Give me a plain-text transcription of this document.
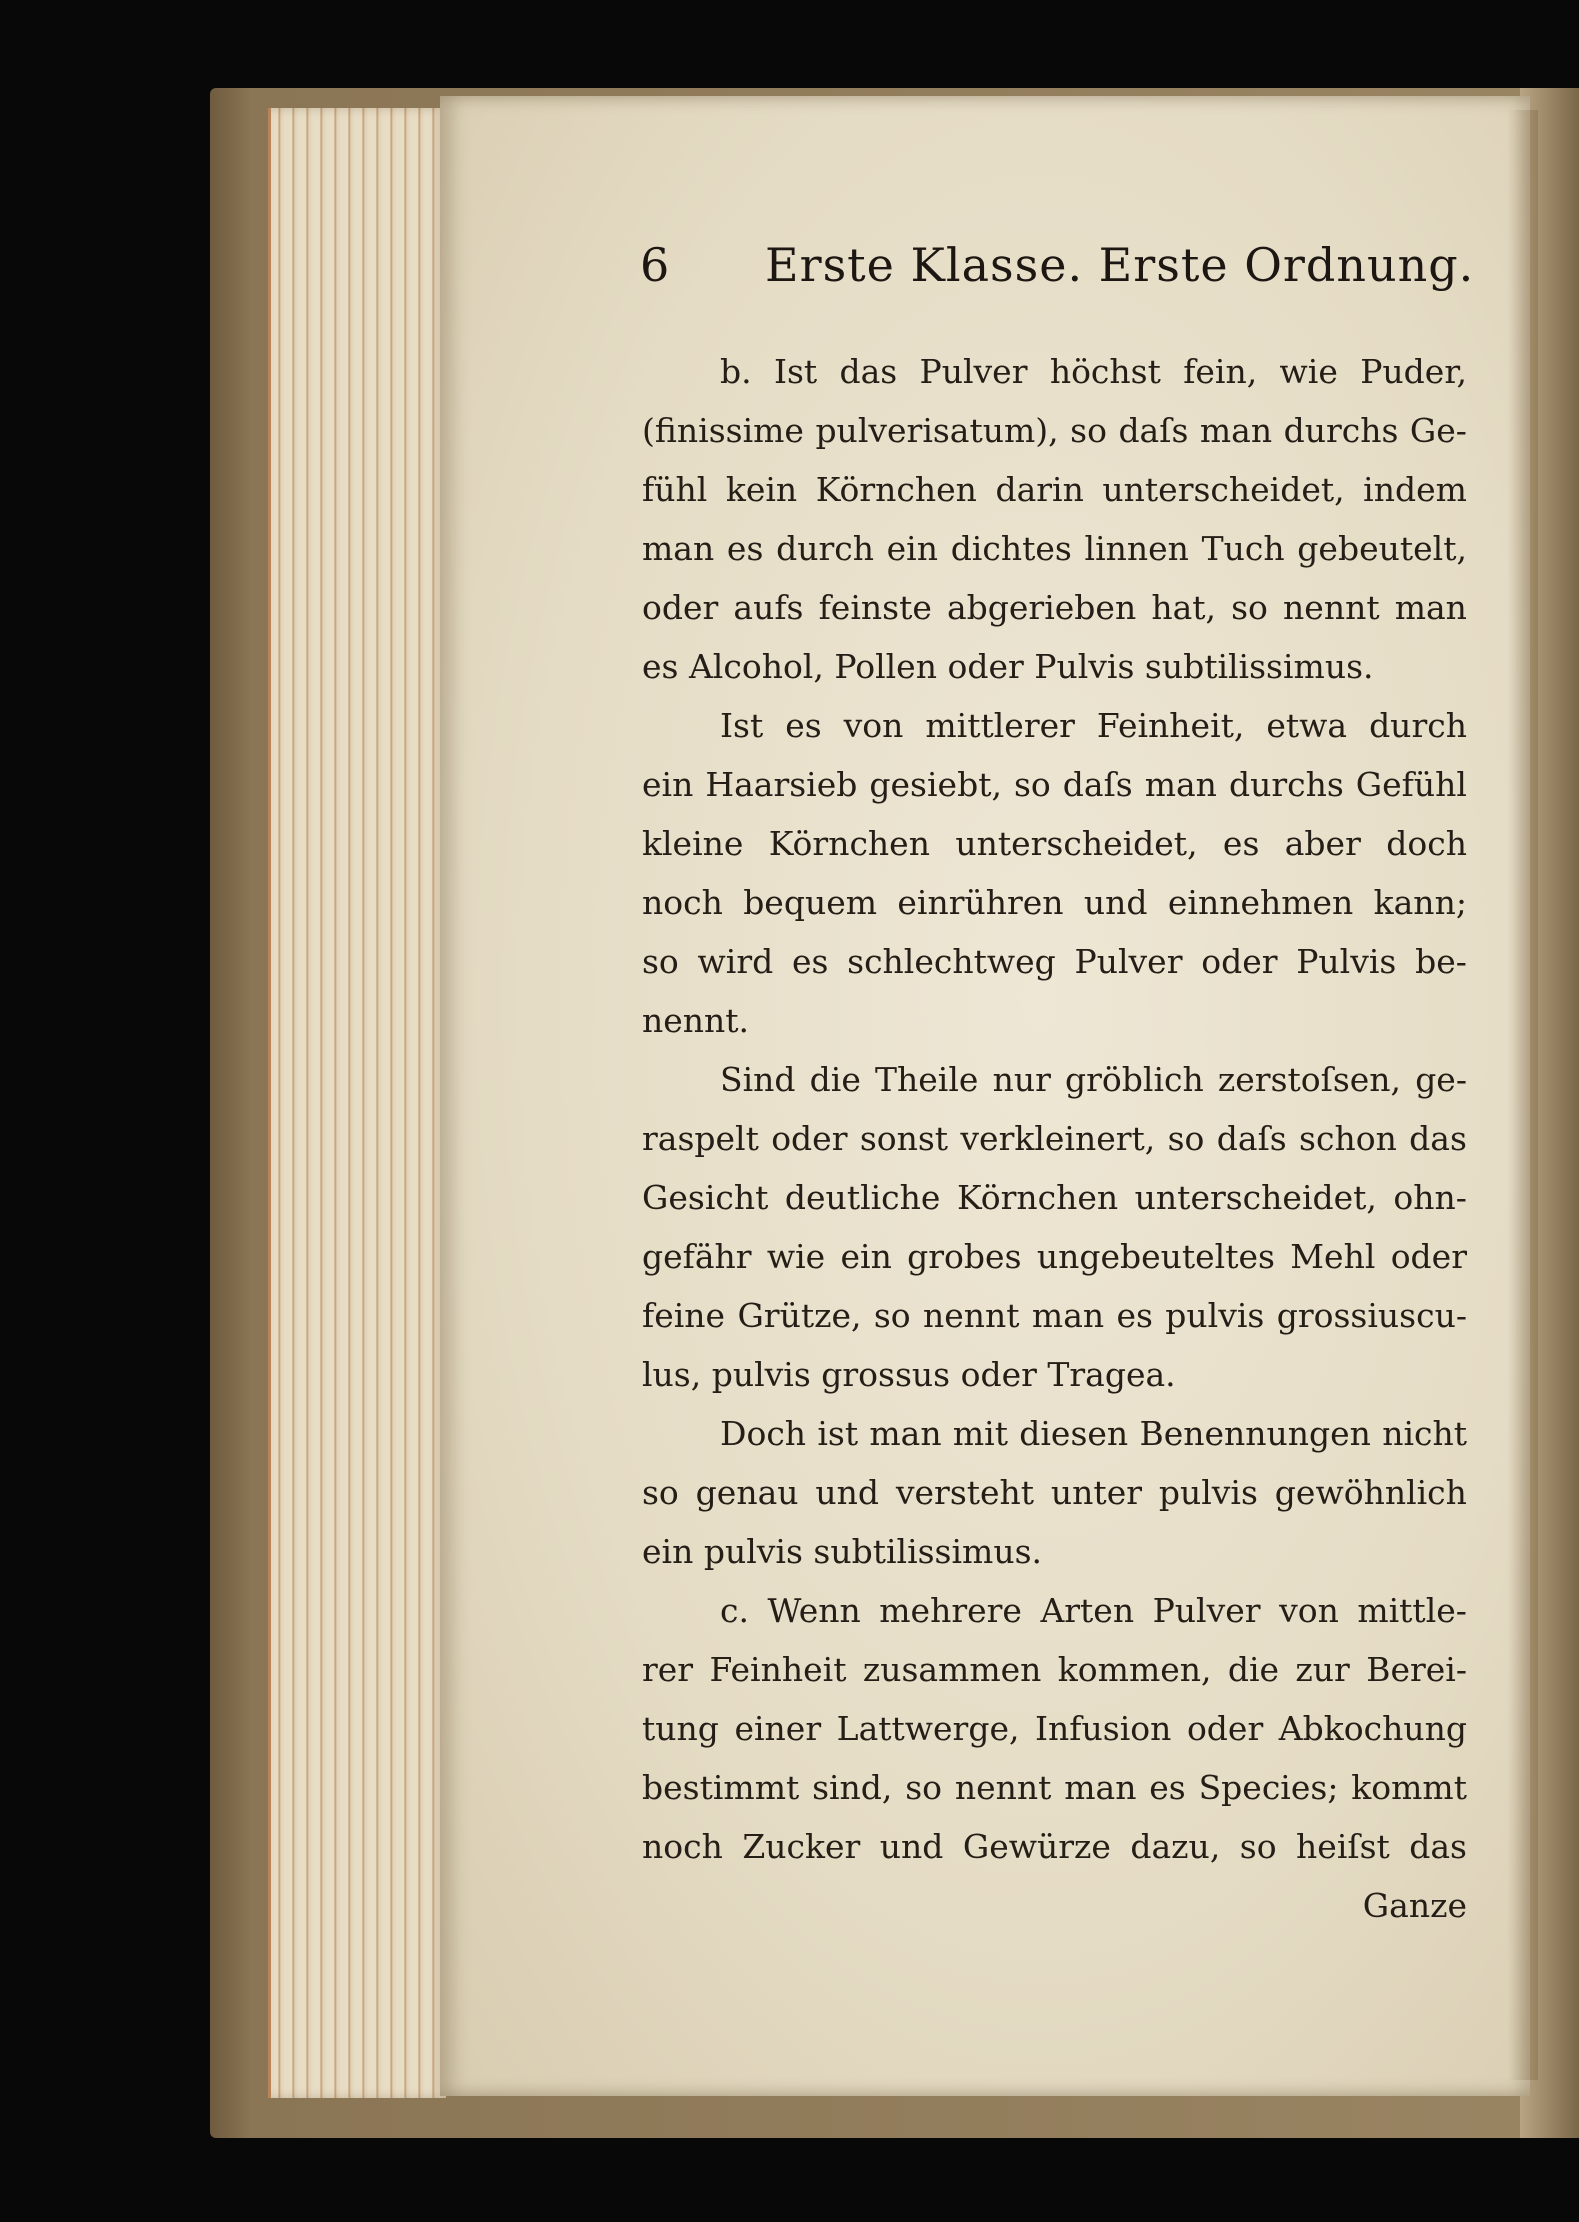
6 Erste Klasse. Erste Ordnung.
b. Ist das Pulver höchst fein, wie Puder,
(finissime pulverisatum), so daſs man durchs Ge-
fühl kein Körnchen darin unterscheidet, indem
man es durch ein dichtes linnen Tuch gebeutelt,
oder aufs feinste abgerieben hat, so nennt man
es Alcohol, Pollen oder Pulvis subtilissimus.
Ist es von mittlerer Feinheit, etwa durch
ein Haarsieb gesiebt, so daſs man durchs Gefühl
kleine Körnchen unterscheidet, es aber doch
noch bequem einrühren und einnehmen kann;
so wird es schlechtweg Pulver oder Pulvis be-
nennt.
Sind die Theile nur gröblich zerstoſsen, ge-
raspelt oder sonst verkleinert, so daſs schon das
Gesicht deutliche Körnchen unterscheidet, ohn-
gefähr wie ein grobes ungebeuteltes Mehl oder
feine Grütze, so nennt man es pulvis grossiuscu-
lus, pulvis grossus oder Tragea.
Doch ist man mit diesen Benennungen nicht
so genau und versteht unter pulvis gewöhnlich
ein pulvis subtilissimus.
c. Wenn mehrere Arten Pulver von mittle-
rer Feinheit zusammen kommen, die zur Berei-
tung einer Lattwerge, Infusion oder Abkochung
bestimmt sind, so nennt man es Species; kommt
noch Zucker und Gewürze dazu, so heiſst das
Ganze
